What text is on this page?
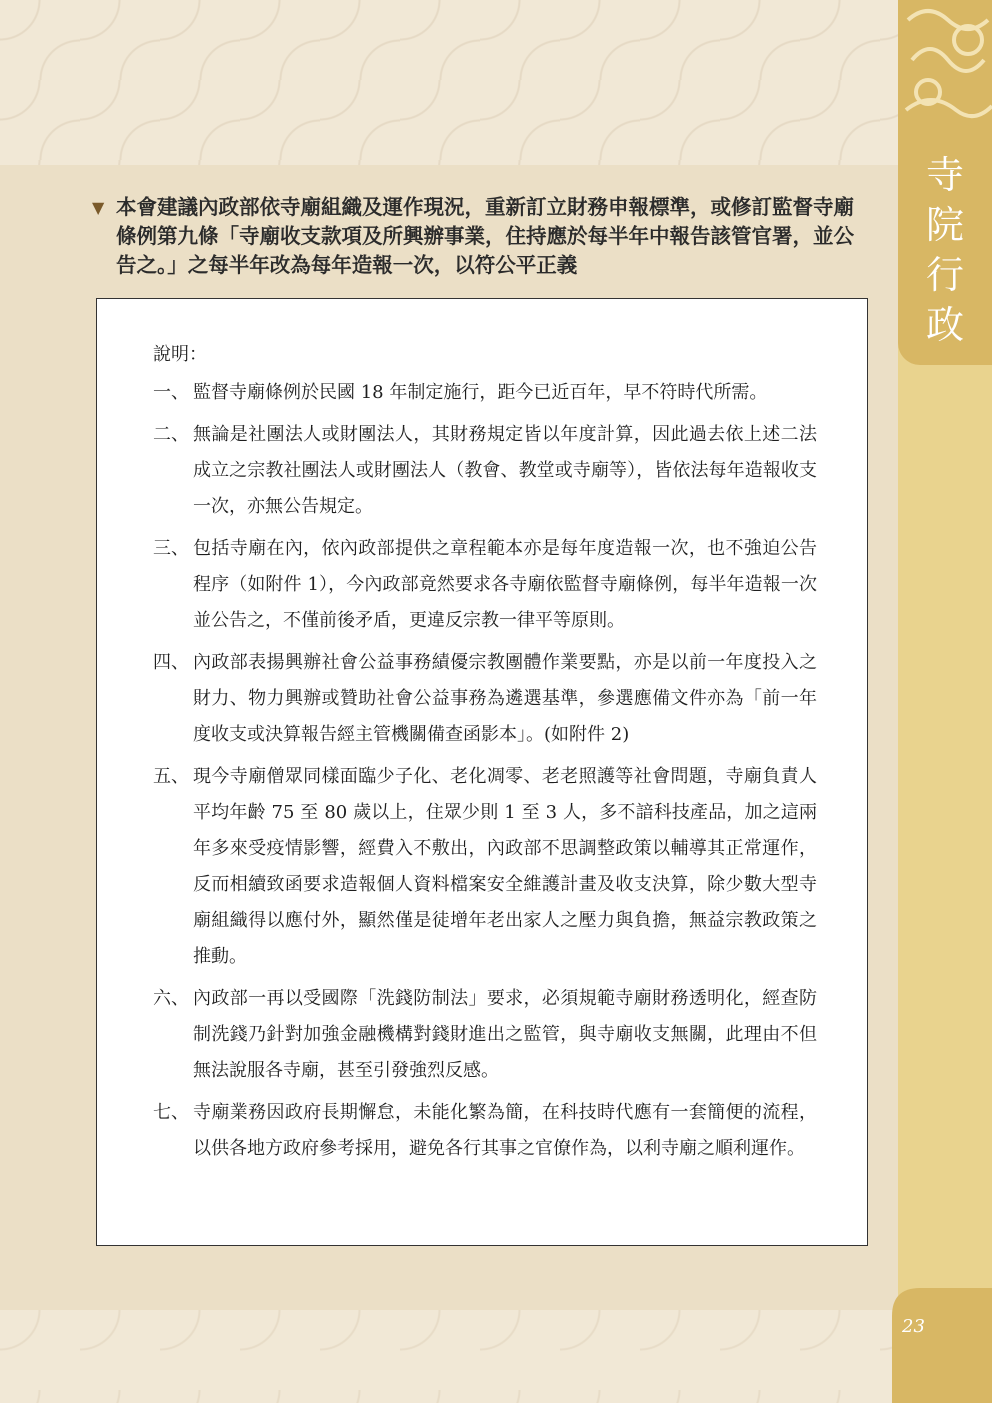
寺
院
行
政
23
▼ 本會建議內政部依寺廟組織及運作現況，重新訂立財務申報標準，或修訂監督寺廟條例第九條「寺廟收支款項及所興辦事業，住持應於每半年中報告該管官署，並公告之。」之每半年改為每年造報一次，以符公平正義
說明：
一、 監督寺廟條例於民國 18 年制定施行，距今已近百年，早不符時代所需。
二、 無論是社團法人或財團法人，其財務規定皆以年度計算，因此過去依上述二法成立之宗教社團法人或財團法人（教會、教堂或寺廟等），皆依法每年造報收支一次，亦無公告規定。
三、 包括寺廟在內，依內政部提供之章程範本亦是每年度造報一次，也不強迫公告程序（如附件 1），今內政部竟然要求各寺廟依監督寺廟條例，每半年造報一次並公告之，不僅前後矛盾，更違反宗教一律平等原則。
四、 內政部表揚興辦社會公益事務績優宗教團體作業要點，亦是以前一年度投入之財力、物力興辦或贊助社會公益事務為遴選基準，參選應備文件亦為「前一年度收支或決算報告經主管機關備查函影本」。(如附件 2)
五、 現今寺廟僧眾同樣面臨少子化、老化凋零、老老照護等社會問題，寺廟負責人平均年齡 75 至 80 歲以上，住眾少則 1 至 3 人，多不諳科技產品，加之這兩年多來受疫情影響，經費入不敷出，內政部不思調整政策以輔導其正常運作，反而相續致函要求造報個人資料檔案安全維護計畫及收支決算，除少數大型寺廟組織得以應付外，顯然僅是徒增年老出家人之壓力與負擔，無益宗教政策之推動。
六、 內政部一再以受國際「洗錢防制法」要求，必須規範寺廟財務透明化，經查防制洗錢乃針對加強金融機構對錢財進出之監管，與寺廟收支無關，此理由不但無法說服各寺廟，甚至引發強烈反感。
七、 寺廟業務因政府長期懈怠，未能化繁為簡，在科技時代應有一套簡便的流程，以供各地方政府參考採用，避免各行其事之官僚作為，以利寺廟之順利運作。
